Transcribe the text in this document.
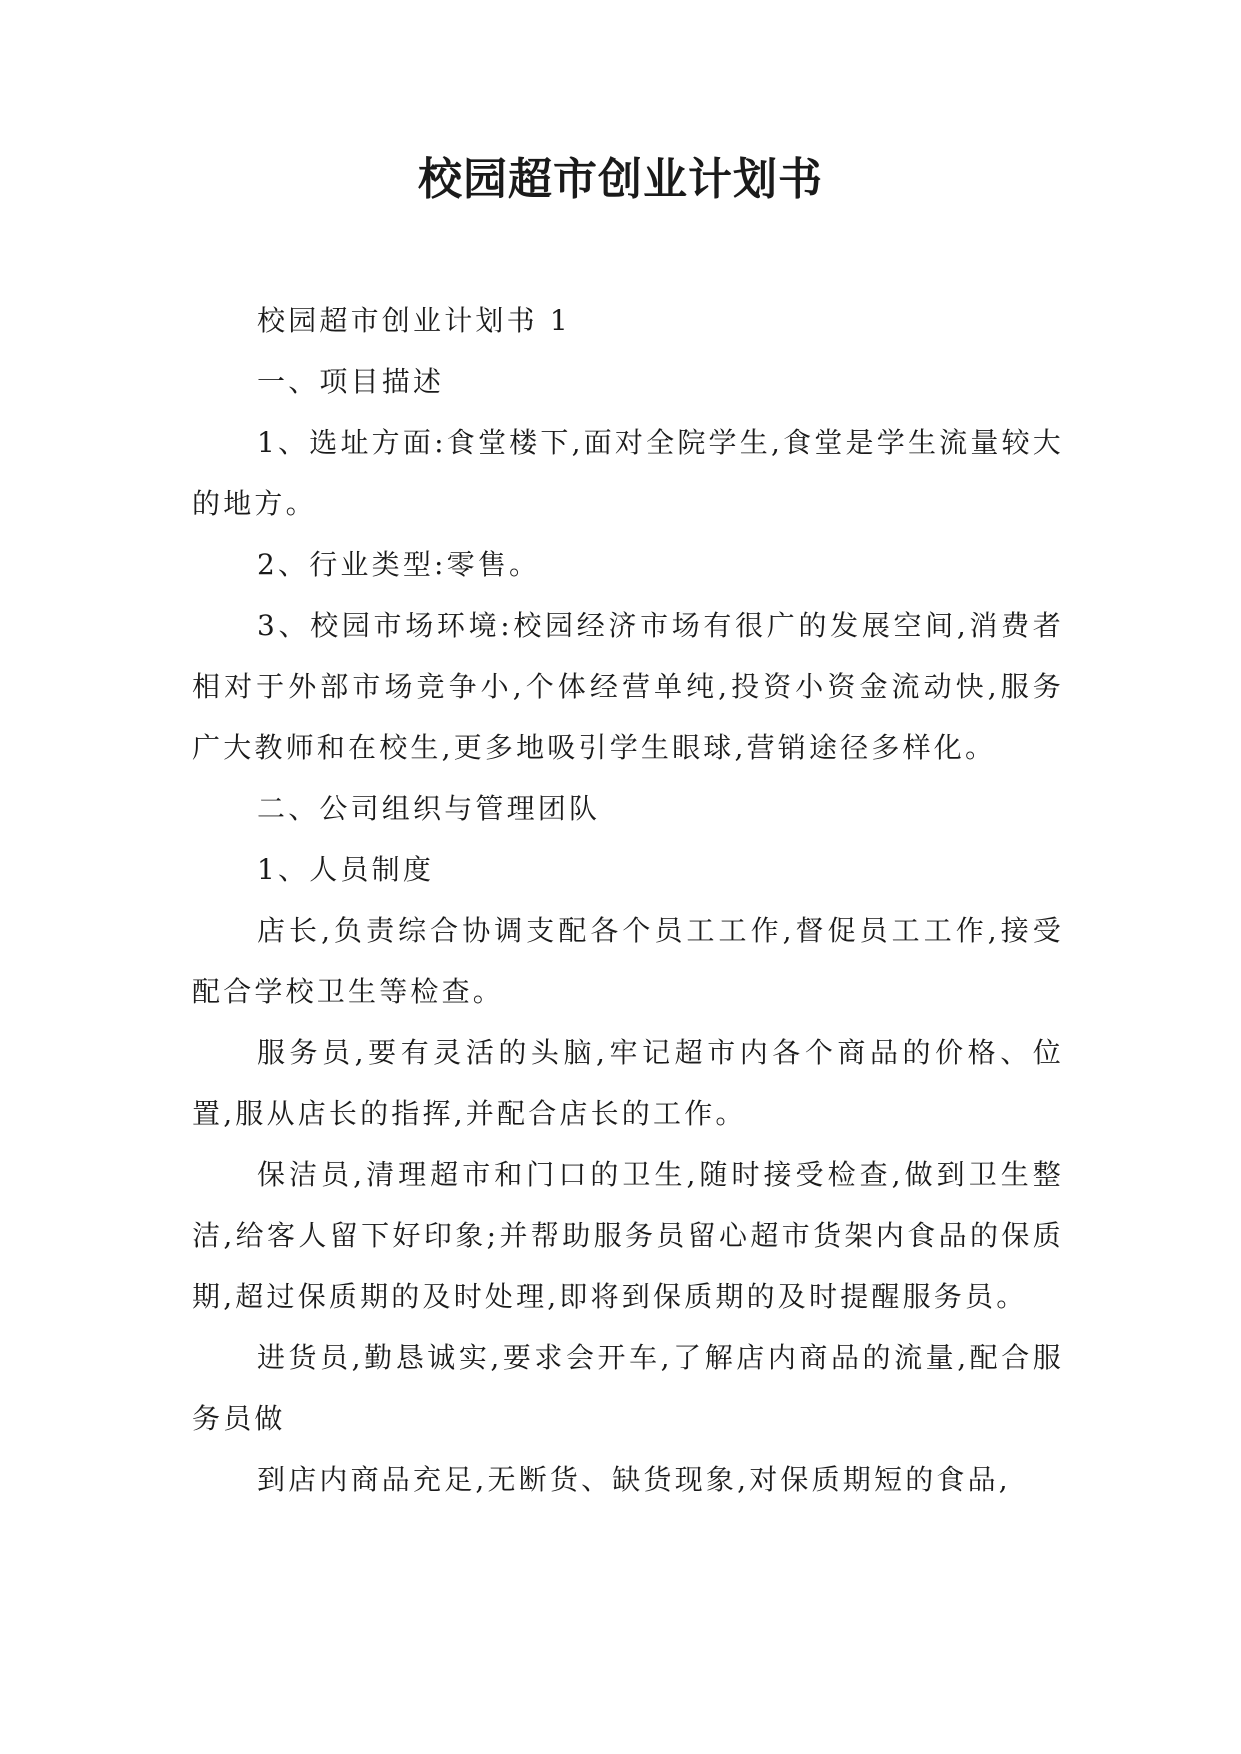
校园超市创业计划书

校园超市创业计划书 1

一、项目描述

1、选址方面:食堂楼下,面对全院学生,食堂是学生流量较大的地方。

2、行业类型:零售。

3、校园市场环境:校园经济市场有很广的发展空间,消费者相对于外部市场竞争小,个体经营单纯,投资小资金流动快,服务广大教师和在校生,更多地吸引学生眼球,营销途径多样化。

二、公司组织与管理团队

1、人员制度

店长,负责综合协调支配各个员工工作,督促员工工作,接受配合学校卫生等检查。

服务员,要有灵活的头脑,牢记超市内各个商品的价格、位置,服从店长的指挥,并配合店长的工作。

保洁员,清理超市和门口的卫生,随时接受检查,做到卫生整洁,给客人留下好印象;并帮助服务员留心超市货架内食品的保质期,超过保质期的及时处理,即将到保质期的及时提醒服务员。

进货员,勤恳诚实,要求会开车,了解店内商品的流量,配合服务员做

到店内商品充足,无断货、缺货现象,对保质期短的食品,
